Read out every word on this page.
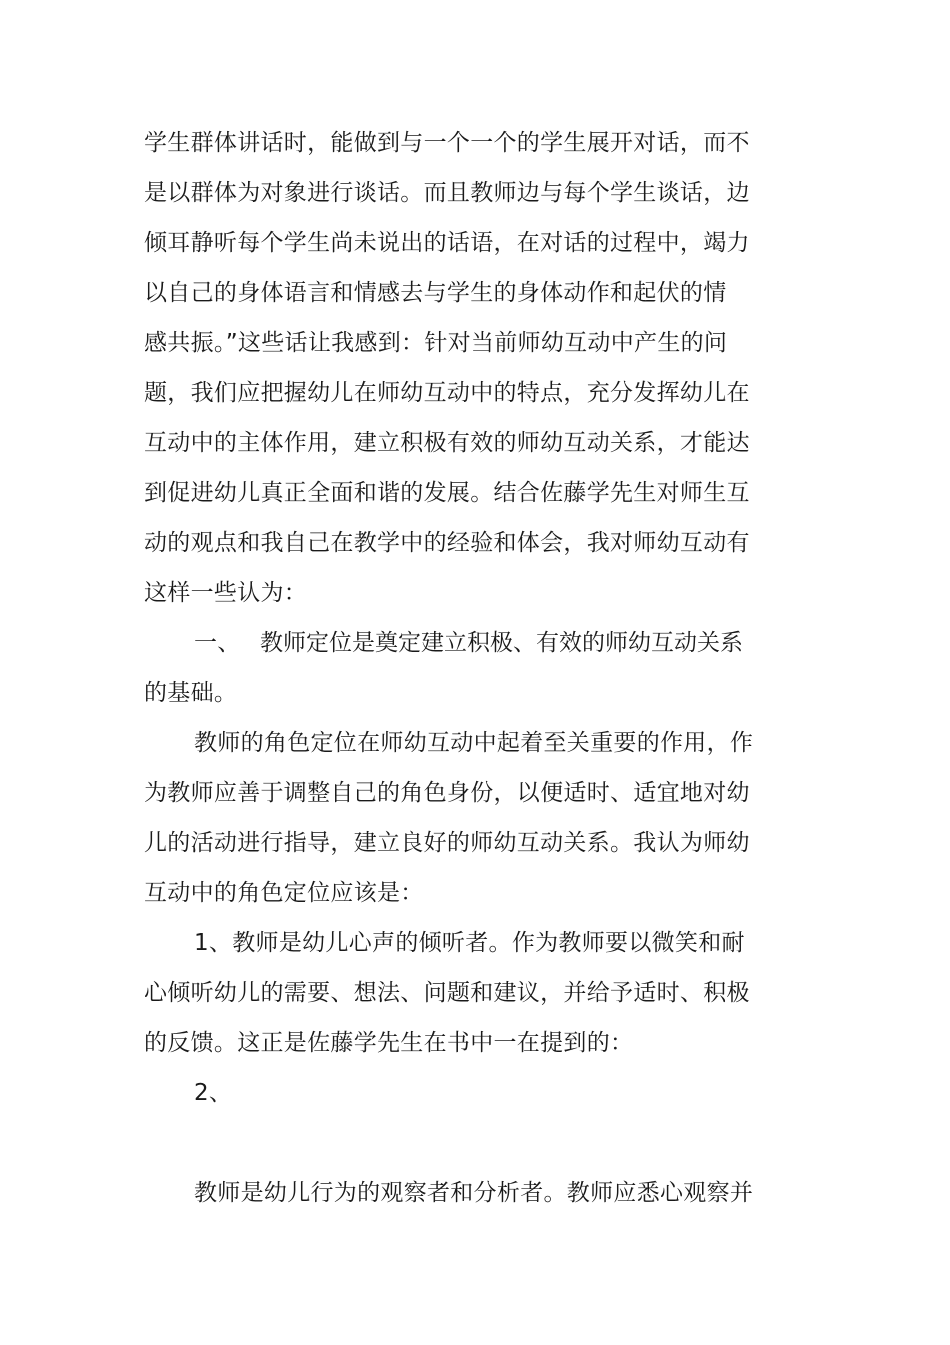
学生群体讲话时，能做到与一个一个的学生展开对话，而不
是以群体为对象进行谈话。而且教师边与每个学生谈话，边
倾耳静听每个学生尚未说出的话语，在对话的过程中，竭力
以自己的身体语言和情感去与学生的身体动作和起伏的情
感共振。”这些话让我感到：针对当前师幼互动中产生的问
题，我们应把握幼儿在师幼互动中的特点，充分发挥幼儿在
互动中的主体作用，建立积极有效的师幼互动关系，才能达
到促进幼儿真正全面和谐的发展。结合佐藤学先生对师生互
动的观点和我自己在教学中的经验和体会，我对师幼互动有
这样一些认为：
一、 教师定位是奠定建立积极、有效的师幼互动关系
的基础。
教师的角色定位在师幼互动中起着至关重要的作用，作
为教师应善于调整自己的角色身份，以便适时、适宜地对幼
儿的活动进行指导，建立良好的师幼互动关系。我认为师幼
互动中的角色定位应该是：
1、教师是幼儿心声的倾听者。作为教师要以微笑和耐
心倾听幼儿的需要、想法、问题和建议，并给予适时、积极
的反馈。这正是佐藤学先生在书中一在提到的：
2、
教师是幼儿行为的观察者和分析者。教师应悉心观察并
